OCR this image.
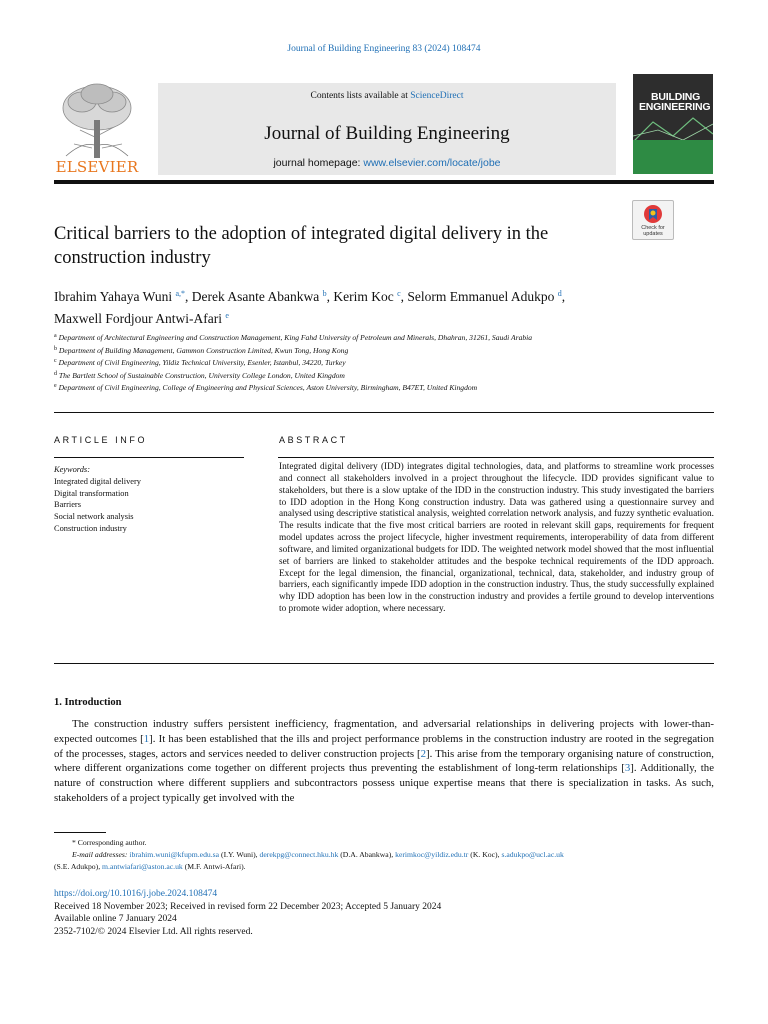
Journal of Building Engineering 83 (2024) 108474
ELSEVIER
Contents lists available at ScienceDirect
Journal of Building Engineering
journal homepage: www.elsevier.com/locate/jobe
BUILDING
ENGINEERING
Check for
updates
Critical barriers to the adoption of integrated digital delivery in the construction industry
Ibrahim Yahaya Wuni $^{a,*}$, Derek Asante Abankwa $^b$, Kerim Koc $^c$, Selorm Emmanuel Adukpo $^d$, Maxwell Fordjour Antwi-Afari $^e$
$^a$ Department of Architectural Engineering and Construction Management, King Fahd University of Petroleum and Minerals, Dhahran, 31261, Saudi Arabia
$^b$ Department of Building Management, Gammon Construction Limited, Kwun Tong, Hong Kong
$^c$ Department of Civil Engineering, Yildiz Technical University, Esenler, Istanbul, 34220, Turkey
$^d$ The Bartlett School of Sustainable Construction, University College London, United Kingdom
$^e$ Department of Civil Engineering, College of Engineering and Physical Sciences, Aston University, Birmingham, B47ET, United Kingdom
ARTICLE INFO	ABSTRACT
Keywords:
Integrated digital delivery
Digital transformation
Barriers
Social network analysis
Construction industry
Integrated digital delivery (IDD) integrates digital technologies, data, and platforms to streamline work processes and connect all stakeholders involved in a project throughout the lifecycle. IDD provides significant value to stakeholders, but there is a slow uptake of the IDD in the construction industry. This study investigated the barriers to IDD adoption in the Hong Kong construction industry. Data was gathered using a questionnaire survey and analysed using descriptive statistical analysis, weighted correlation network analysis, and fuzzy synthetic evaluation. The results indicate that the five most critical barriers are rooted in relevant skill gaps, requirements for frequent model updates across the project lifecycle, higher investment requirements, interoperability of data from different software, and limited organizational budgets for IDD. The weighted network model showed that the most influential set of barriers are linked to stakeholder attitudes and the bespoke technical requirements of the IDD approach. Except for the legal dimension, the financial, organizational, technical, data, stakeholder, and industry group of barriers, each significantly impede IDD adoption in the construction industry. Thus, the study successfully explained why IDD adoption has been low in the construction industry and provides a fertile ground to develop interventions to promote wider adoption, where necessary.
1. Introduction
The construction industry suffers persistent inefficiency, fragmentation, and adversarial relationships in delivering projects with lower-than-expected outcomes [1]. It has been established that the ills and project performance problems in the construction industry are rooted in the segregation of the processes, stages, actors and services needed to deliver construction projects [2]. This arise from the temporary organising nature of construction, where different organizations come together on different projects thus preventing the establishment of long-term relationships [3]. Additionally, the nature of construction where different suppliers and subcontractors possess unique expertise means that there is specialization in tasks. As such, stakeholders of a project typically get involved with the
* Corresponding author.
E-mail addresses: ibrahim.wuni@kfupm.edu.sa (I.Y. Wuni), derekpg@connect.hku.hk (D.A. Abankwa), kerimkoc@yildiz.edu.tr (K. Koc), s.adukpo@ucl.ac.uk
(S.E. Adukpo), m.antwiafari@aston.ac.uk (M.F. Antwi-Afari).
https://doi.org/10.1016/j.jobe.2024.108474
Received 18 November 2023; Received in revised form 22 December 2023; Accepted 5 January 2024
Available online 7 January 2024
2352-7102/© 2024 Elsevier Ltd. All rights reserved.
